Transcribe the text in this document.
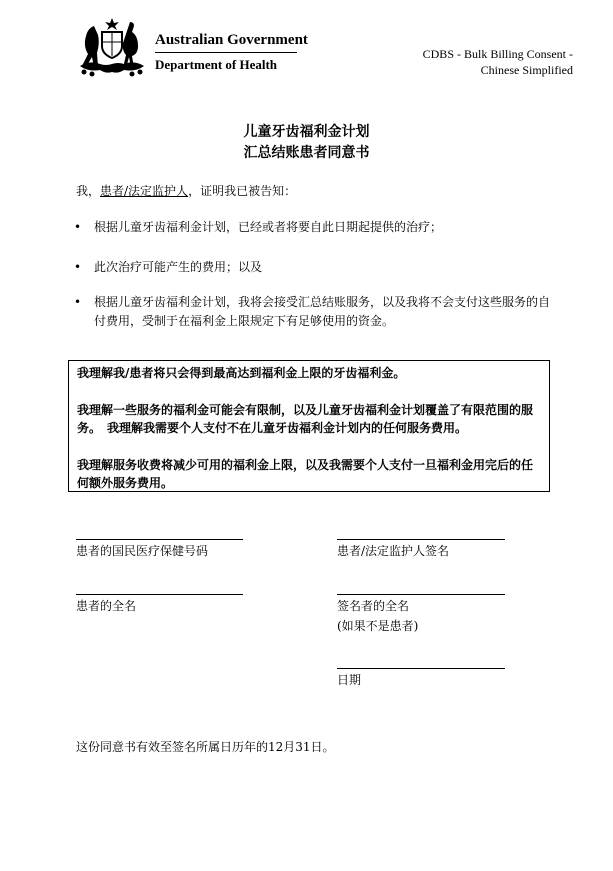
Australian Government
Department of Health
CDBS - Bulk Billing Consent -
Chinese Simplified
儿童牙齿福利金计划
汇总结账患者同意书
我，患者/法定监护人，证明我已被告知：
• 根据儿童牙齿福利金计划，已经或者将要自此日期起提供的治疗；
• 此次治疗可能产生的费用；以及
• 根据儿童牙齿福利金计划，我将会接受汇总结账服务，以及我将不会支付这些服务的自付费用，受制于在福利金上限规定下有足够使用的资金。

我理解我/患者将只会得到最高达到福利金上限的牙齿福利金。

我理解一些服务的福利金可能会有限制，以及儿童牙齿福利金计划覆盖了有限范围的服务。　我理解我需要个人支付不在儿童牙齿福利金计划内的任何服务费用。

我理解服务收费将减少可用的福利金上限，以及我需要个人支付一旦福利金用完后的任何额外服务费用。

患者的国民医疗保健号码
患者的全名
患者/法定监护人签名
签名者的全名
(如果不是患者)
日期
这份同意书有效至签名所属日历年的12月31日。
